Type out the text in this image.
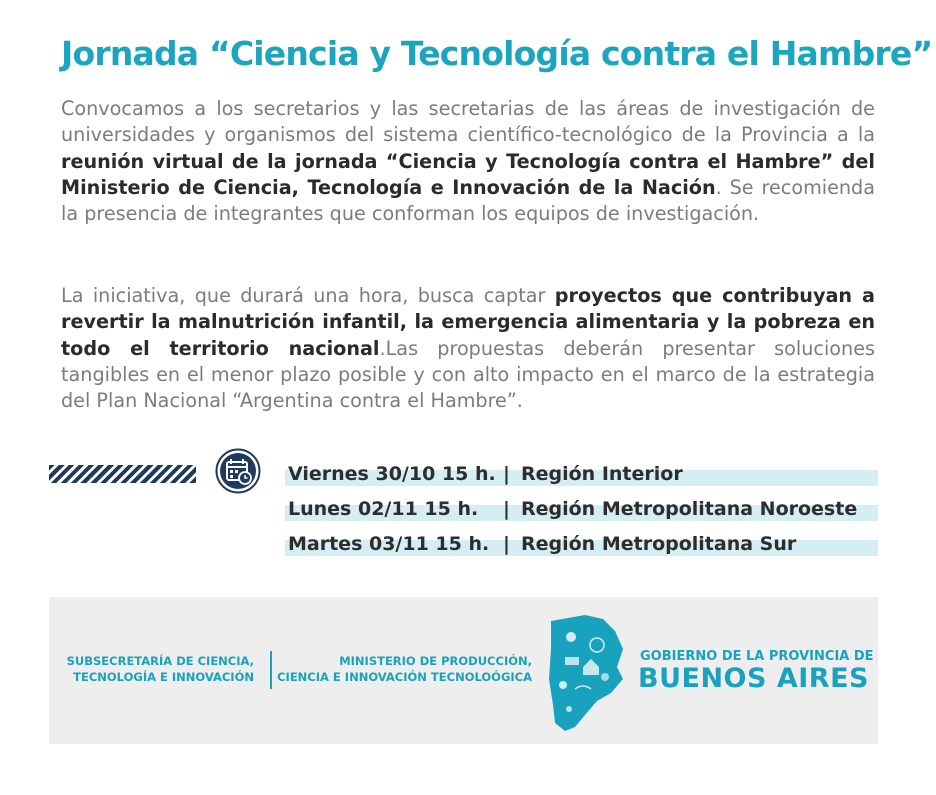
Jornada “Ciencia y Tecnología contra el Hambre”

Convocamos a los secretarios y las secretarias de las áreas de investigación de universidades y organismos del sistema científico-tecnológico de la Provincia a la reunión virtual de la jornada “Ciencia y Tecnología contra el Hambre” del Ministerio de Ciencia, Tecnología e Innovación de la Nación. Se recomienda la presencia de integrantes que conforman los equipos de investigación.

La iniciativa, que durará una hora, busca captar proyectos que contribuyan a revertir la malnutrición infantil, la emergencia alimentaria y la pobreza en todo el territorio nacional.Las propuestas deberán presentar soluciones tangibles en el menor plazo posible y con alto impacto en el marco de la estrategia del Plan Nacional “Argentina contra el Hambre”.

Viernes 30/10 15 h. | Región Interior
Lunes 02/11 15 h. | Región Metropolitana Noroeste
Martes 03/11 15 h. | Región Metropolitana Sur
SUBSECRETARÍA DE CIENCIA,
TECNOLOGÍA E INNOVACIÓN
MINISTERIO DE PRODUCCIÓN,
CIENCIA E INNOVACIÓN TECNOLOÓGICA
GOBIERNO DE LA PROVINCIA DE
BUENOS AIRES
